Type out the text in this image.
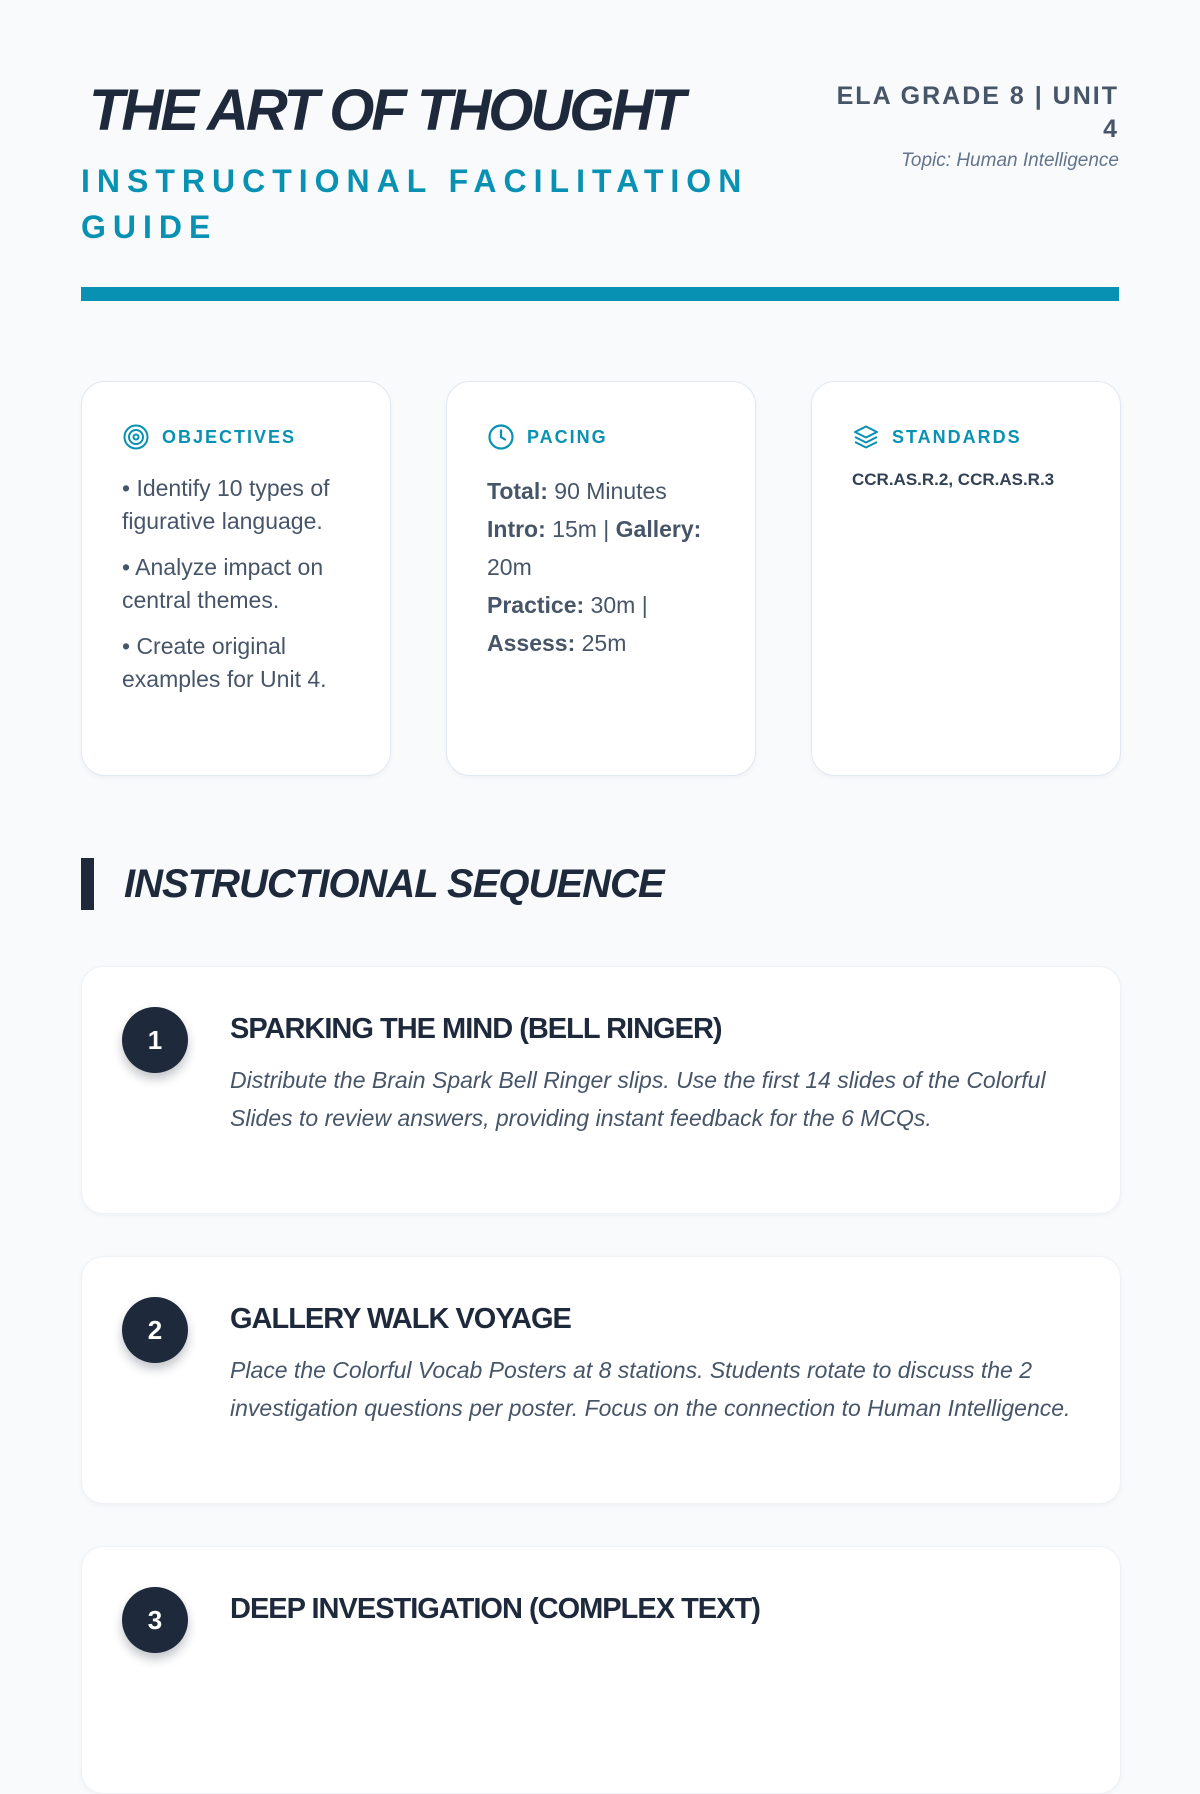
THE ART OF THOUGHT
INSTRUCTIONAL FACILITATION GUIDE
ELA GRADE 8 | UNIT 4
Topic: Human Intelligence
OBJECTIVES
• Identify 10 types of figurative language.
• Analyze impact on central themes.
• Create original examples for Unit 4.
PACING
Total: 90 Minutes
Intro: 15m | Gallery: 20m
Practice: 30m | Assess: 25m
STANDARDS
CCR.AS.R.2, CCR.AS.R.3
INSTRUCTIONAL SEQUENCE
1	SPARKING THE MIND (BELL RINGER)
Distribute the Brain Spark Bell Ringer slips. Use the first 14 slides of the Colorful Slides to review answers, providing instant feedback for the 6 MCQs.
2	GALLERY WALK VOYAGE
Place the Colorful Vocab Posters at 8 stations. Students rotate to discuss the 2 investigation questions per poster. Focus on the connection to Human Intelligence.
3	DEEP INVESTIGATION (COMPLEX TEXT)
